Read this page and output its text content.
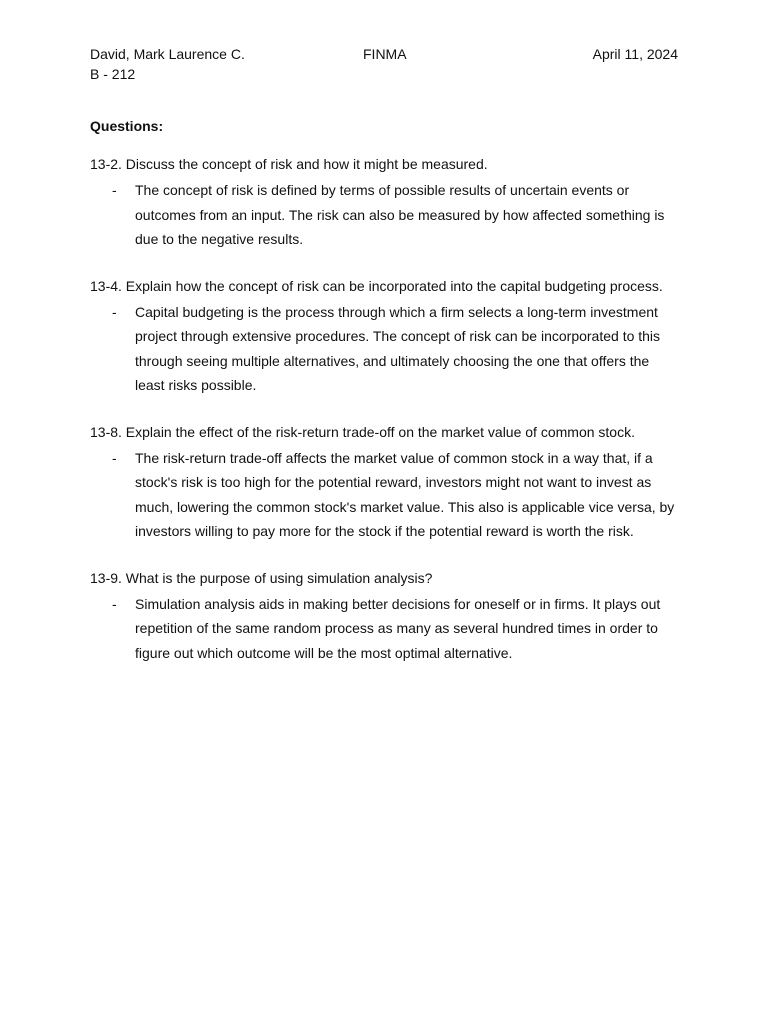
David, Mark Laurence C.	FINMA	April 11, 2024
B - 212
Questions:
13-2. Discuss the concept of risk and how it might be measured.
- The concept of risk is defined by terms of possible results of uncertain events or outcomes from an input. The risk can also be measured by how affected something is due to the negative results.
13-4. Explain how the concept of risk can be incorporated into the capital budgeting process.
- Capital budgeting is the process through which a firm selects a long-term investment project through extensive procedures. The concept of risk can be incorporated to this through seeing multiple alternatives, and ultimately choosing the one that offers the least risks possible.
13-8. Explain the effect of the risk-return trade-off on the market value of common stock.
- The risk-return trade-off affects the market value of common stock in a way that, if a stock's risk is too high for the potential reward, investors might not want to invest as much, lowering the common stock's market value. This also is applicable vice versa, by investors willing to pay more for the stock if the potential reward is worth the risk.
13-9. What is the purpose of using simulation analysis?
- Simulation analysis aids in making better decisions for oneself or in firms. It plays out repetition of the same random process as many as several hundred times in order to figure out which outcome will be the most optimal alternative.
